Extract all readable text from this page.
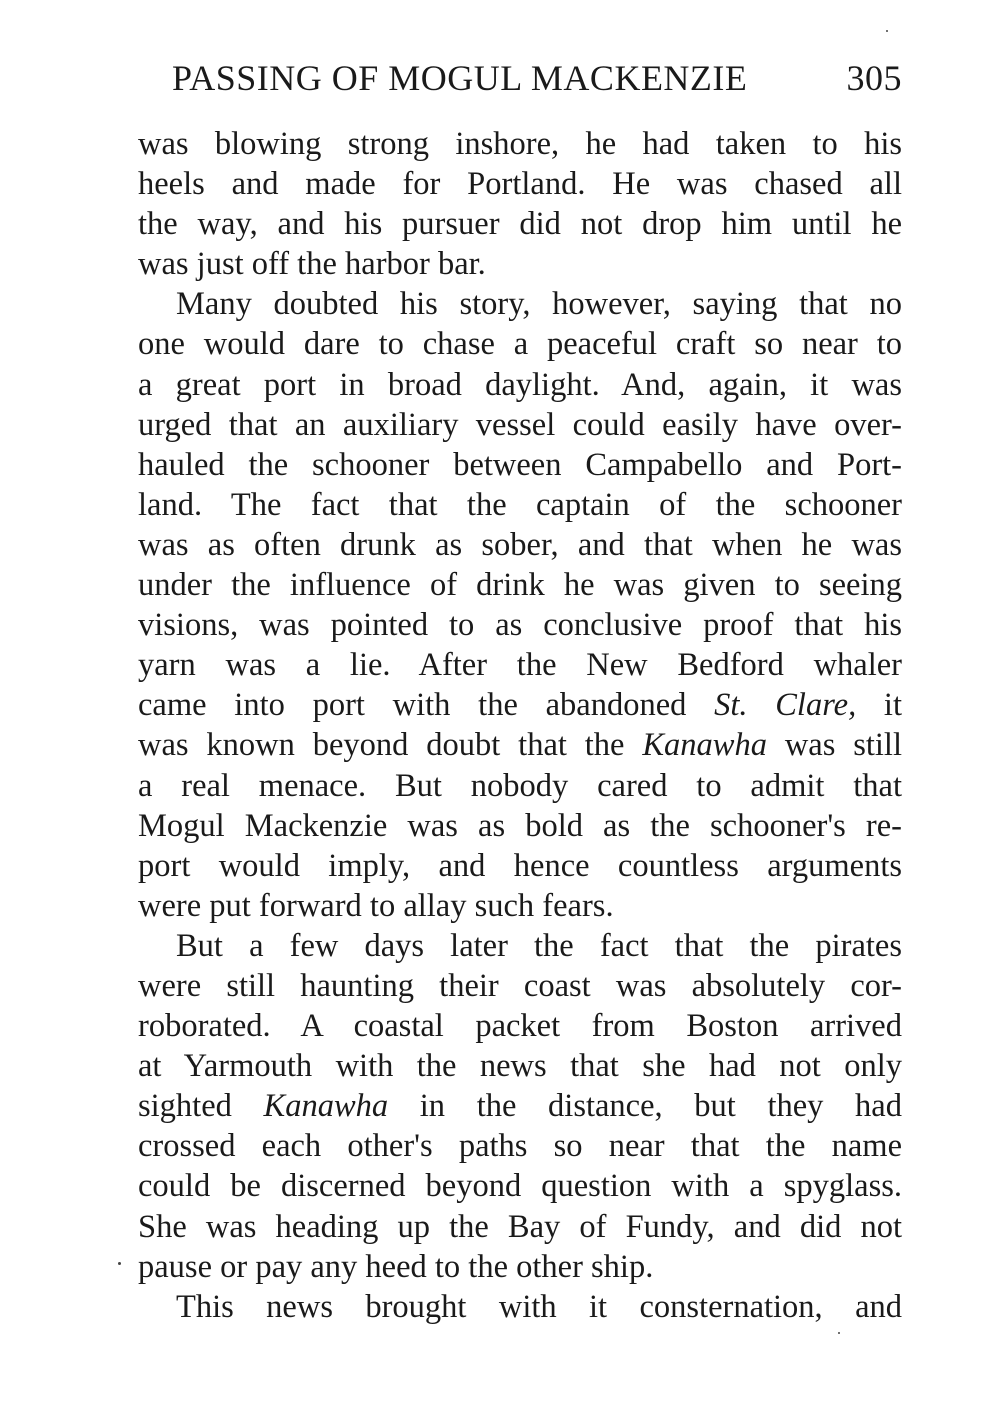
PASSING OF MOGUL MACKENZIE	305
was blowing strong inshore, he had taken to his
heels and made for Portland. He was chased all
the way, and his pursuer did not drop him until he
was just off the harbor bar.
Many doubted his story, however, saying that no
one would dare to chase a peaceful craft so near to
a great port in broad daylight. And, again, it was
urged that an auxiliary vessel could easily have over-
hauled the schooner between Campabello and Port-
land. The fact that the captain of the schooner
was as often drunk as sober, and that when he was
under the influence of drink he was given to seeing
visions, was pointed to as conclusive proof that his
yarn was a lie. After the New Bedford whaler
came into port with the abandoned St. Clare, it
was known beyond doubt that the Kanawha was still
a real menace. But nobody cared to admit that
Mogul Mackenzie was as bold as the schooner's re-
port would imply, and hence countless arguments
were put forward to allay such fears.
But a few days later the fact that the pirates
were still haunting their coast was absolutely cor-
roborated. A coastal packet from Boston arrived
at Yarmouth with the news that she had not only
sighted Kanawha in the distance, but they had
crossed each other's paths so near that the name
could be discerned beyond question with a spyglass.
She was heading up the Bay of Fundy, and did not
pause or pay any heed to the other ship.
This news brought with it consternation, and
